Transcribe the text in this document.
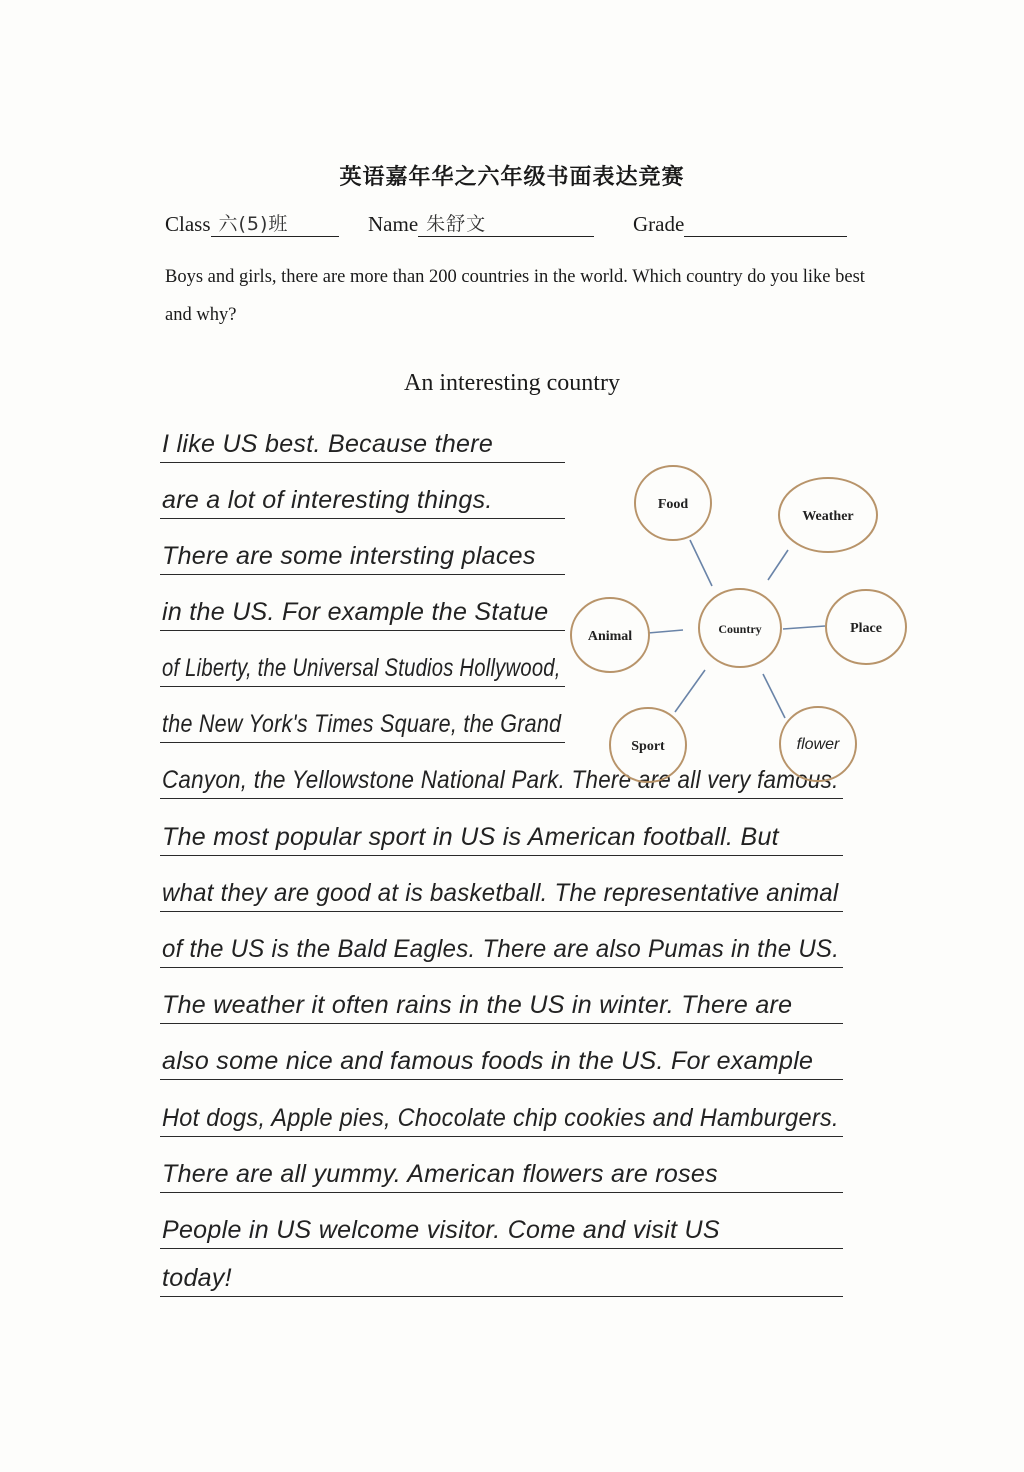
英语嘉年华之六年级书面表达竞赛
Class 六(5)班	Name 朱舒文	Grade
Boys and girls, there are more than 200 countries in the world. Which country do you like best and why?
An interesting country
I like US best. Because there
are a lot of interesting things.
There are some intersting places
in the US. For example the Statue
of Liberty, the Universal Studios Hollywood,
the New York's Times Square, the Grand
Canyon, the Yellowstone National Park. There are all very famous.
The most popular sport in US is American football. But
what they are good at is basketball. The representative animal
of the US is the Bald Eagles. There are also Pumas in the US.
The weather it often rains in the US in winter. There are
also some nice and famous foods in the US. For example
Hot dogs, Apple pies, Chocolate chip cookies and Hamburgers.
There are all yummy. American flowers are roses
People in US welcome visitor. Come and visit US
today!
Country
Food
Weather
Animal
Place
Sport	flower
